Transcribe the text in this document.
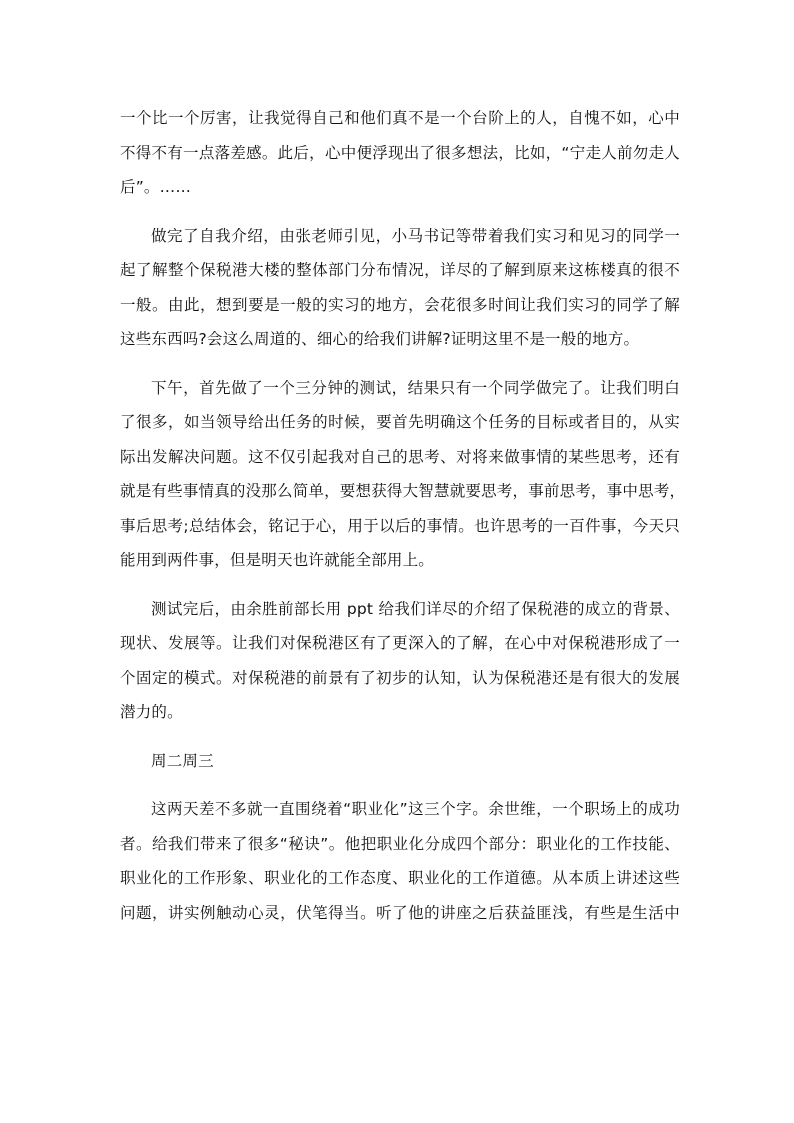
一个比一个厉害，让我觉得自己和他们真不是一个台阶上的人，自愧不如，心中
不得不有一点落差感。此后，心中便浮现出了很多想法，比如，“宁走人前勿走人
后”。……
做完了自我介绍，由张老师引见，小马书记等带着我们实习和见习的同学一
起了解整个保税港大楼的整体部门分布情况，详尽的了解到原来这栋楼真的很不
一般。由此，想到要是一般的实习的地方，会花很多时间让我们实习的同学了解
这些东西吗?会这么周道的、细心的给我们讲解?证明这里不是一般的地方。
下午，首先做了一个三分钟的测试，结果只有一个同学做完了。让我们明白
了很多，如当领导给出任务的时候，要首先明确这个任务的目标或者目的，从实
际出发解决问题。这不仅引起我对自己的思考、对将来做事情的某些思考，还有
就是有些事情真的没那么简单，要想获得大智慧就要思考，事前思考，事中思考，
事后思考;总结体会，铭记于心，用于以后的事情。也许思考的一百件事，今天只
能用到两件事，但是明天也许就能全部用上。
测试完后，由余胜前部长用 ppt 给我们详尽的介绍了保税港的成立的背景、
现状、发展等。让我们对保税港区有了更深入的了解，在心中对保税港形成了一
个固定的模式。对保税港的前景有了初步的认知，认为保税港还是有很大的发展
潜力的。
周二周三
这两天差不多就一直围绕着“职业化”这三个字。余世维，一个职场上的成功
者。给我们带来了很多“秘诀”。他把职业化分成四个部分：职业化的工作技能、
职业化的工作形象、职业化的工作态度、职业化的工作道德。从本质上讲述这些
问题，讲实例触动心灵，伏笔得当。听了他的讲座之后获益匪浅，有些是生活中
